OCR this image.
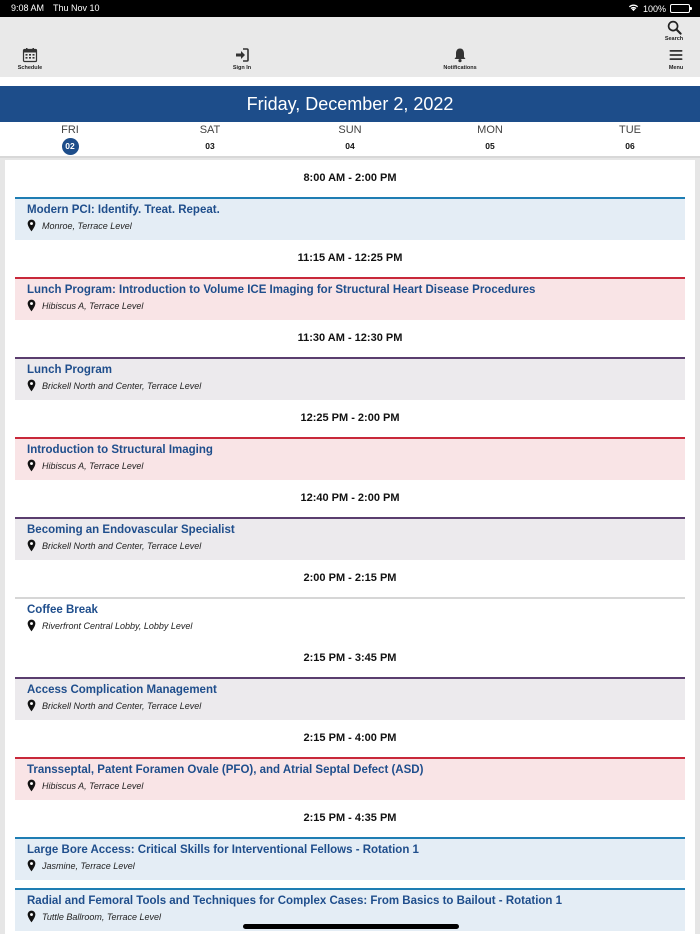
9:08 AM Thu Nov 10	100%
Schedule	Sign In	Notifications	Menu
Search
Friday, December 2, 2022
FRI
02
SAT
03
SUN
04
MON
05
TUE
06
8:00 AM - 2:00 PM
Modern PCI: Identify. Treat. Repeat.
Monroe, Terrace Level
11:15 AM - 12:25 PM
Lunch Program: Introduction to Volume ICE Imaging for Structural Heart Disease Procedures
Hibiscus A, Terrace Level
11:30 AM - 12:30 PM
Lunch Program
Brickell North and Center, Terrace Level
12:25 PM - 2:00 PM
Introduction to Structural Imaging
Hibiscus A, Terrace Level
12:40 PM - 2:00 PM
Becoming an Endovascular Specialist
Brickell North and Center, Terrace Level
2:00 PM - 2:15 PM
Coffee Break
Riverfront Central Lobby, Lobby Level
2:15 PM - 3:45 PM
Access Complication Management
Brickell North and Center, Terrace Level
2:15 PM - 4:00 PM
Transseptal, Patent Foramen Ovale (PFO), and Atrial Septal Defect (ASD)
Hibiscus A, Terrace Level
2:15 PM - 4:35 PM
Large Bore Access: Critical Skills for Interventional Fellows - Rotation 1
Jasmine, Terrace Level
Radial and Femoral Tools and Techniques for Complex Cases: From Basics to Bailout - Rotation 1
Tuttle Ballroom, Terrace Level
